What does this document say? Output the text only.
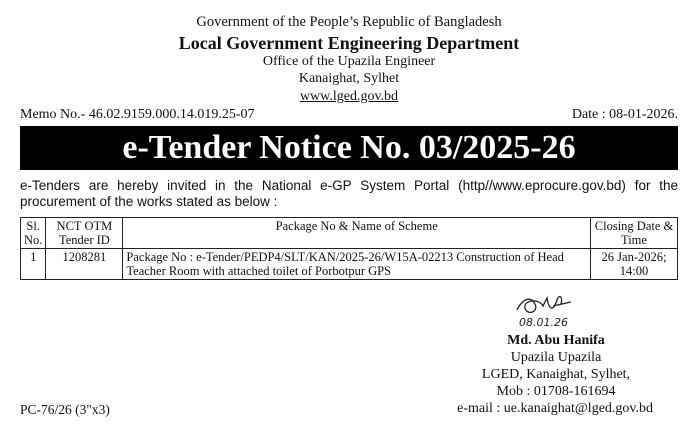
Government of the People’s Republic of Bangladesh
Local Government Engineering Department
Office of the Upazila Engineer
Kanaighat, Sylhet
www.lged.gov.bd
Memo No.- 46.02.9159.000.14.019.25-07	Date : 08-01-2026.
e-Tender Notice No. 03/2025-26
e-Tenders are hereby invited in the National e-GP System Portal (http//www.eprocure.gov.bd) for the procurement of the works stated as below :
Sl. No.	NCT OTM Tender ID	Package No & Name of Scheme	Closing Date & Time
1	1208281	Package No : e-Tender/PEDP4/SLT/KAN/2025-26/W15A-02213 Construction of Head Teacher Room with attached toilet of Porbotpur GPS	26 Jan-2026; 14:00
08.01.26
Md. Abu Hanifa
Upazila Upazila
LGED, Kanaighat, Sylhet,
Mob : 01708-161694
e-mail : ue.kanaighat@lged.gov.bd
PC-76/26 (3"x3)
